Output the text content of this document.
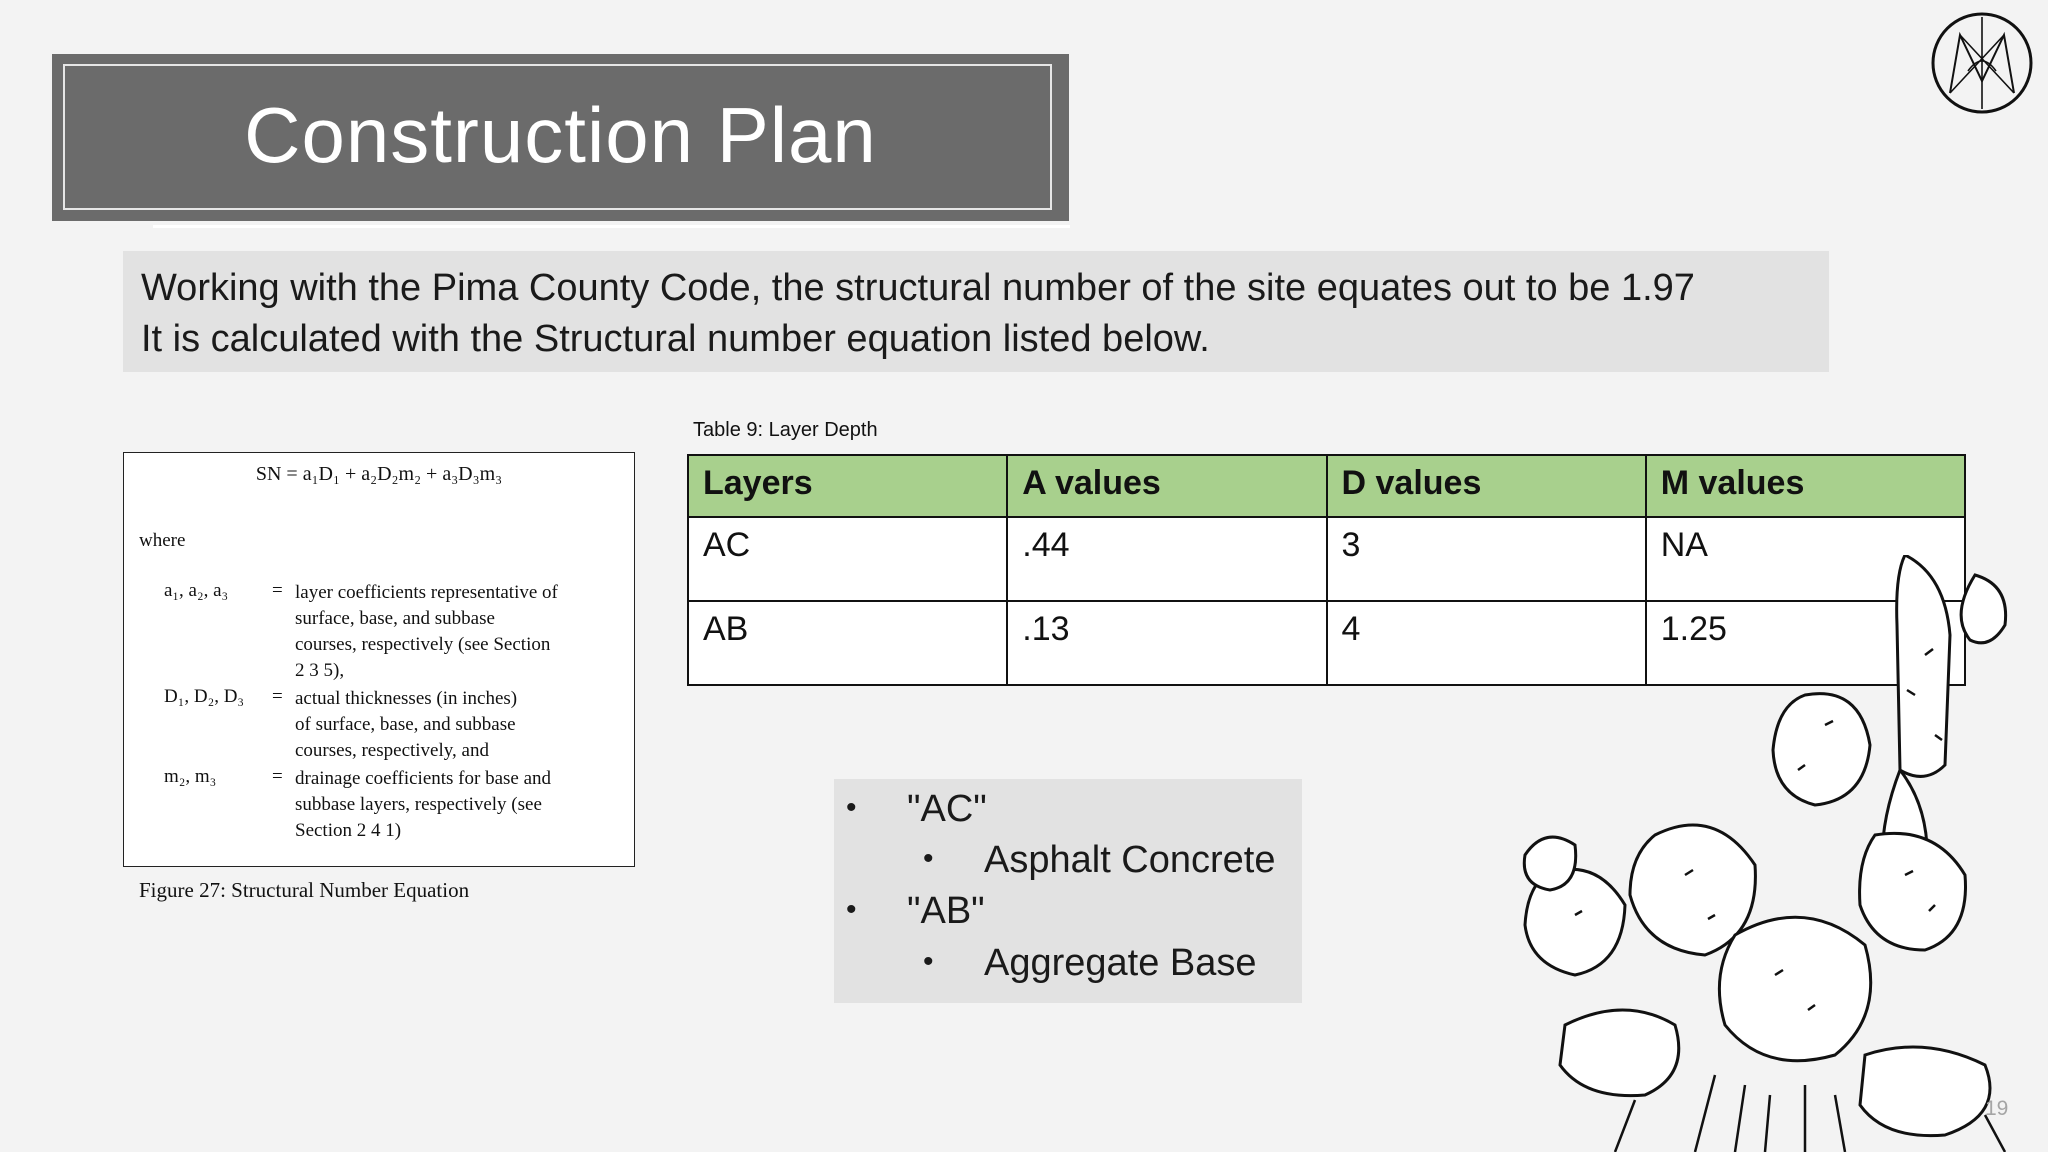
Construction Plan
Working with the Pima County Code, the structural number of the site equates out to be 1.97
It is calculated with the Structural number equation listed below.
SN = a₁D₁ + a₂D₂m₂ + a₃D₃m₃
where
a₁, a₂, a₃	= layer coefficients representative of
surface, base, and subbase
courses, respectively (see Section
2 3 5),
D₁, D₂, D₃	= actual thicknesses (in inches)
of surface, base, and subbase
courses, respectively, and
m₂, m₃	= drainage coefficients for base and
subbase layers, respectively (see
Section 2 4 1)
Figure 27: Structural Number Equation
Table 9: Layer Depth
Layers	A values	D values	M values
AC	.44	3	NA
AB	.13	4	1.25
• "AC"
• Asphalt Concrete
• "AB"
• Aggregate Base
19
